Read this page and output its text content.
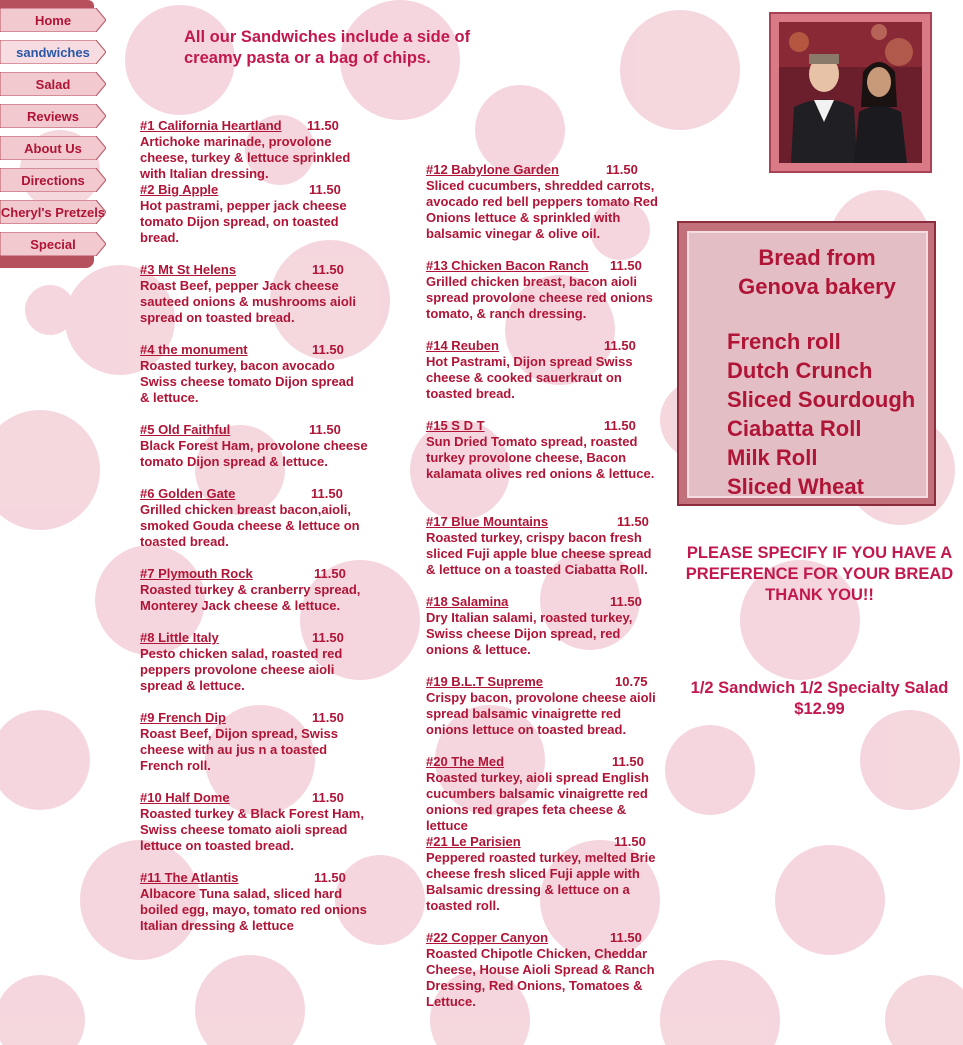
Home
sandwiches
Salad
Reviews
About Us
Directions
Cheryl's Pretzels
Special
All our Sandwiches include a side of
creamy pasta or a bag of chips.
#1 California Heartland 11.50

Artichoke marinade, provolone cheese, turkey & lettuce sprinkled with Italian dressing.

#2 Big Apple	11.50

Hot pastrami, pepper jack cheese tomato Dijon spread, on toasted bread.

#3 Mt St Helens	11.50

Roast Beef, pepper Jack cheese sauteed onions & mushrooms aioli spread on toasted bread.

#4 the monument	11.50

Roasted turkey, bacon avocado Swiss cheese tomato Dijon spread & lettuce.

#5 Old Faithful	11.50

Black Forest Ham, provolone cheese tomato Dijon spread & lettuce.

#6 Golden Gate	11.50

Grilled chicken breast bacon,aioli, smoked Gouda cheese & lettuce on toasted bread.

#7 Plymouth Rock	11.50

Roasted turkey & cranberry spread, Monterey Jack cheese & lettuce.

#8 Little Italy	11.50

Pesto chicken salad, roasted red peppers provolone cheese aioli spread & lettuce.

#9 French Dip	11.50

Roast Beef, Dijon spread, Swiss cheese with au jus n a toasted French roll.

#10 Half Dome	11.50

Roasted turkey & Black Forest Ham, Swiss cheese tomato aioli spread lettuce on toasted bread.

#11 The Atlantis	11.50

Albacore Tuna salad, sliced hard boiled egg, mayo, tomato red onions Italian dressing & lettuce

#12 Babylone Garden	11.50

Sliced cucumbers, shredded carrots, avocado red bell peppers tomato Red Onions lettuce & sprinkled with balsamic vinegar & olive oil.

#13 Chicken Bacon Ranch 11.50

Grilled chicken breast, bacon aioli spread provolone cheese red onions tomato, & ranch dressing.

#14 Reuben	11.50

Hot Pastrami, Dijon spread Swiss cheese & cooked sauerkraut on toasted bread.

#15 S D T	11.50

Sun Dried Tomato spread, roasted turkey provolone cheese, Bacon kalamata olives red onions & lettuce.

#17 Blue Mountains	11.50

Roasted turkey, crispy bacon fresh sliced Fuji apple blue cheese spread & lettuce on a toasted Ciabatta Roll.

#18 Salamina	11.50

Dry Italian salami, roasted turkey, Swiss cheese Dijon spread, red onions & lettuce.

#19 B.L.T Supreme	10.75

Crispy bacon, provolone cheese aioli spread balsamic vinaigrette red onions lettuce on toasted bread.

#20 The Med	11.50

Roasted turkey, aioli spread English cucumbers balsamic vinaigrette red onions red grapes feta cheese & lettuce

#21 Le Parisien	11.50

Peppered roasted turkey, melted Brie cheese fresh sliced Fuji apple with Balsamic dressing & lettuce on a toasted roll.

#22 Copper Canyon	11.50

Roasted Chipotle Chicken, Cheddar Cheese, House Aioli Spread & Ranch Dressing, Red Onions, Tomatoes & Lettuce.

Bread from
Genova bakery
French roll
Dutch Crunch
Sliced Sourdough
Ciabatta Roll
Milk Roll
Sliced Wheat
PLEASE SPECIFY IF YOU HAVE A
PREFERENCE FOR YOUR BREAD
THANK YOU!!
1/2 Sandwich 1/2 Specialty Salad
$12.99
